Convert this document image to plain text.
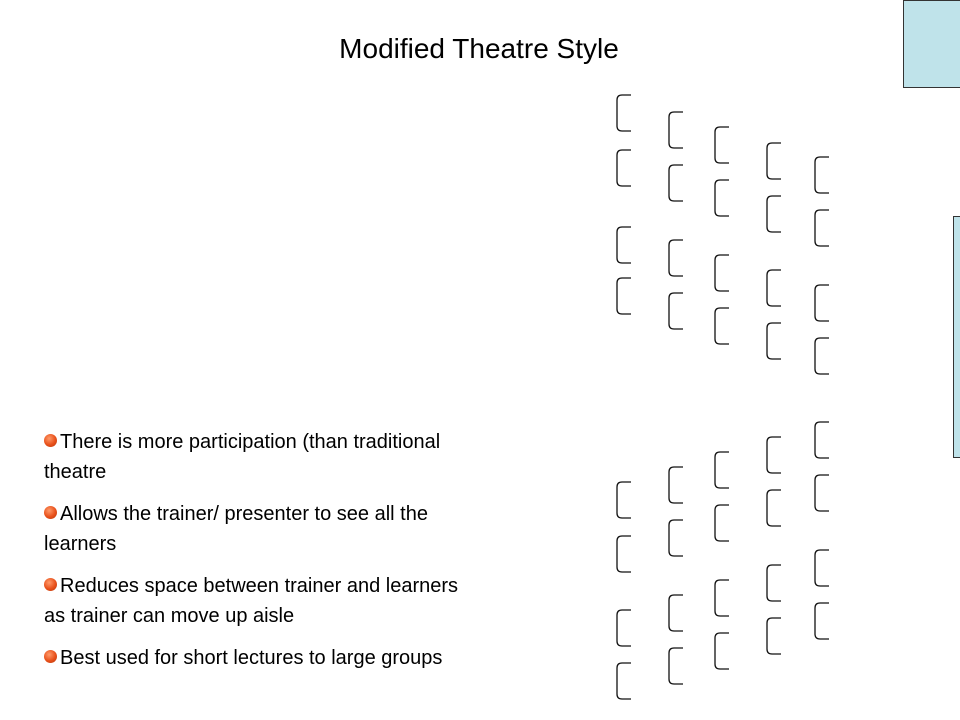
Modified Theatre Style
There is more participation (than traditional theatre
Allows the trainer/ presenter to see all the learners
Reduces space between trainer and learners as trainer can move up aisle
Best used for short lectures to large groups
